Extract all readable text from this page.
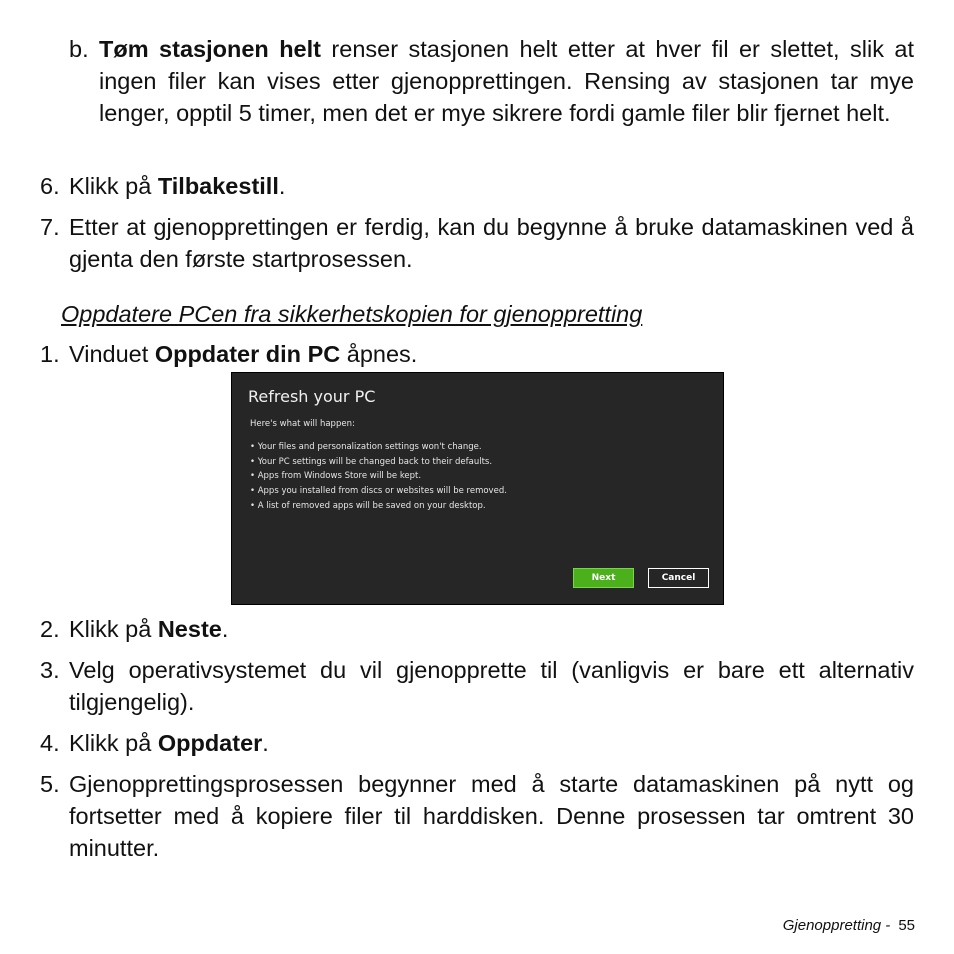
b. Tøm stasjonen helt renser stasjonen helt etter at hver fil er slettet, slik at ingen filer kan vises etter gjenopprettingen. Rensing av stasjonen tar mye lenger, opptil 5 timer, men det er mye sikrere fordi gamle filer blir fjernet helt.
6. Klikk på Tilbakestill.
7. Etter at gjenopprettingen er ferdig, kan du begynne å bruke datamaskinen ved å gjenta den første startprosessen.
Oppdatere PCen fra sikkerhetskopien for gjenoppretting
1. Vinduet Oppdater din PC åpnes.
Refresh your PC
Here's what will happen:
• Your files and personalization settings won't change.
• Your PC settings will be changed back to their defaults.
• Apps from Windows Store will be kept.
• Apps you installed from discs or websites will be removed.
• A list of removed apps will be saved on your desktop.
Next	Cancel
2. Klikk på Neste.
3. Velg operativsystemet du vil gjenopprette til (vanligvis er bare ett alternativ tilgjengelig).
4. Klikk på Oppdater.
5. Gjenopprettingsprosessen begynner med å starte datamaskinen på nytt og fortsetter med å kopiere filer til harddisken. Denne prosessen tar omtrent 30 minutter.
Gjenoppretting - 55
